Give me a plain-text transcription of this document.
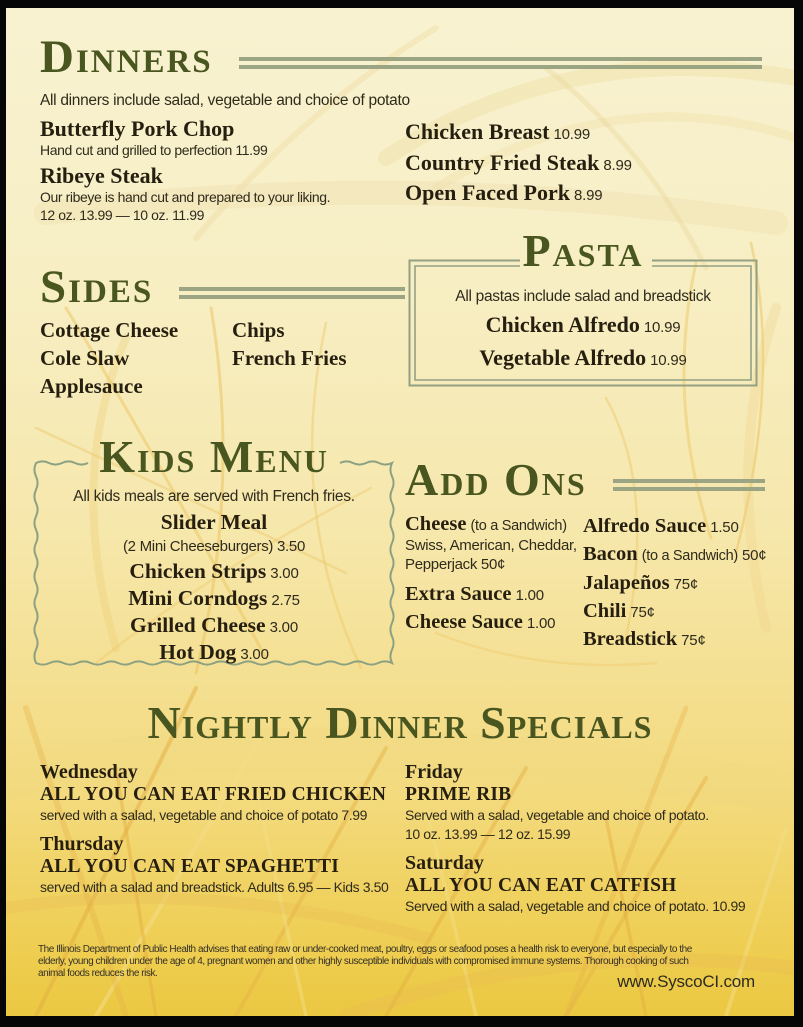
Dinners
All dinners include salad, vegetable and choice of potato
Butterfly Pork Chop
Hand cut and grilled to perfection 11.99
Ribeye Steak
Our ribeye is hand cut and prepared to your liking.
12 oz. 13.99 — 10 oz. 11.99
Chicken Breast 10.99
Country Fried Steak 8.99
Open Faced Pork 8.99
Sides
Cottage Cheese
Cole Slaw
Applesauce
Chips
French Fries
Pasta
All pastas include salad and breadstick
Chicken Alfredo 10.99
Vegetable Alfredo 10.99
Kids Menu
All kids meals are served with French fries.
Slider Meal
(2 Mini Cheeseburgers) 3.50
Chicken Strips 3.00
Mini Corndogs 2.75
Grilled Cheese 3.00
Hot Dog 3.00
Add Ons
Cheese (to a Sandwich)
Swiss, American, Cheddar,
Pepperjack 50¢
Extra Sauce 1.00
Cheese Sauce 1.00
Alfredo Sauce 1.50
Bacon (to a Sandwich) 50¢
Jalapeños 75¢
Chili 75¢
Breadstick 75¢
Nightly Dinner Specials
Wednesday
ALL YOU CAN EAT FRIED CHICKEN
served with a salad, vegetable and choice of potato 7.99
Thursday
ALL YOU CAN EAT SPAGHETTI
served with a salad and breadstick. Adults 6.95 — Kids 3.50
Friday
PRIME RIB
Served with a salad, vegetable and choice of potato.
10 oz. 13.99 — 12 oz. 15.99
Saturday
ALL YOU CAN EAT CATFISH
Served with a salad, vegetable and choice of potato. 10.99
The Illinois Department of Public Health advises that eating raw or under-cooked meat, poultry, eggs or seafood poses a health risk to everyone, but especially to the
elderly, young children under the age of 4, pregnant women and other highly susceptible individuals with compromised immune systems. Thorough cooking of such
animal foods reduces the risk.	www.SyscoCI.com
